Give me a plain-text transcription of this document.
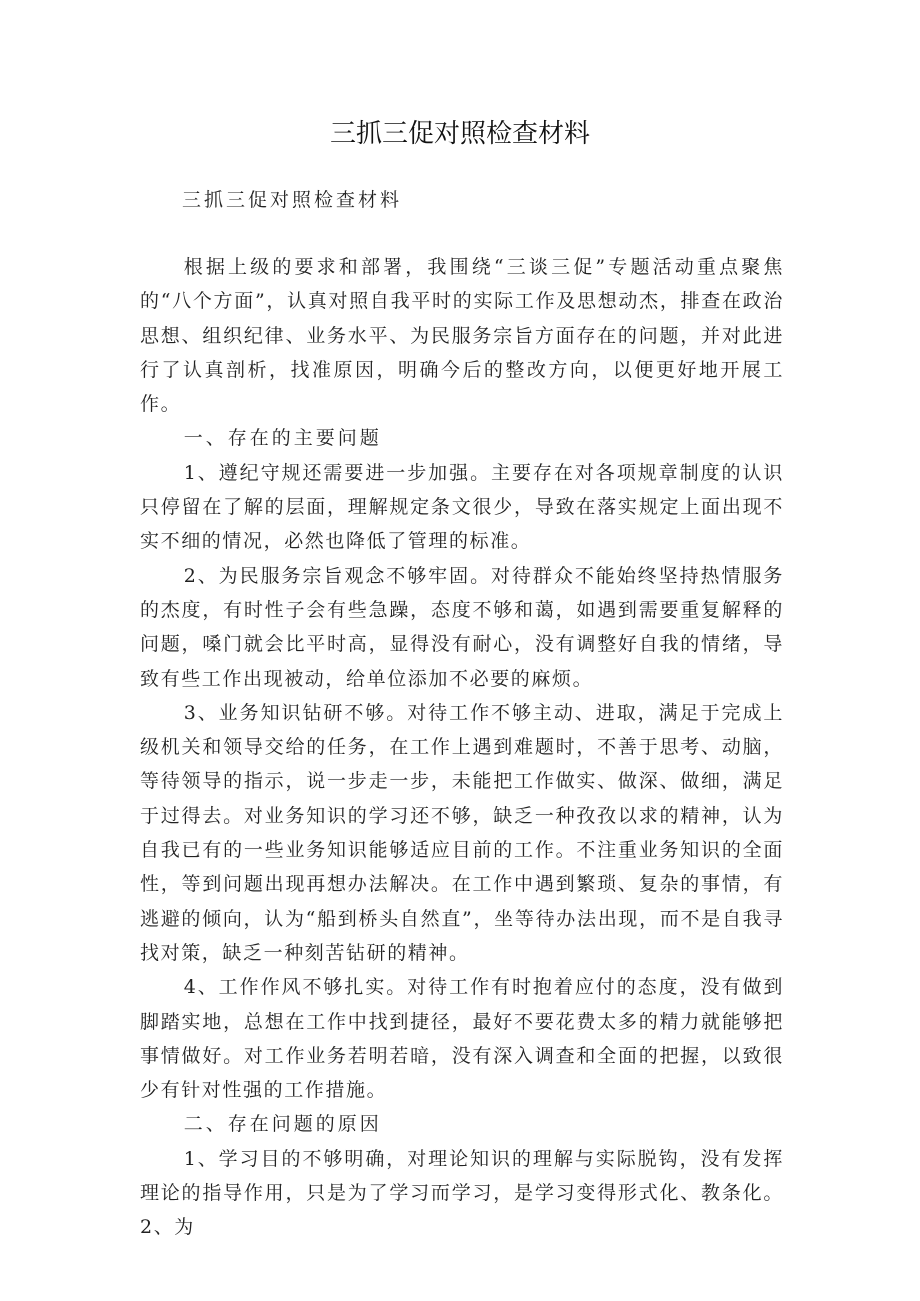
三抓三促对照检查材料
三抓三促对照检查材料

根据上级的要求和部署，我围绕“三谈三促”专题活动重点聚焦的“八个方面”，认真对照自我平时的实际工作及思想动杰，排查在政治思想、组织纪律、业务水平、为民服务宗旨方面存在的问题，并对此进行了认真剖析，找准原因，明确今后的整改方向，以便更好地开展工作。

一、存在的主要问题

1、遵纪守规还需要进一步加强。主要存在对各项规章制度的认识只停留在了解的层面，理解规定条文很少，导致在落实规定上面出现不实不细的情况，必然也降低了管理的标准。

2、为民服务宗旨观念不够牢固。对待群众不能始终坚持热情服务的杰度，有时性子会有些急躁，态度不够和蔼，如遇到需要重复解释的问题，嗓门就会比平时高，显得没有耐心，没有调整好自我的情绪，导致有些工作出现被动，给单位添加不必要的麻烦。

3、业务知识钻研不够。对待工作不够主动、进取，满足于完成上级机关和领导交给的任务，在工作上遇到难题时，不善于思考、动脑，等待领导的指示，说一步走一步，未能把工作做实、做深、做细，满足于过得去。对业务知识的学习还不够，缺乏一种孜孜以求的精神，认为自我已有的一些业务知识能够适应目前的工作。不注重业务知识的全面性，等到问题出现再想办法解决。在工作中遇到繁琐、复杂的事情，有逃避的倾向，认为“船到桥头自然直”，坐等待办法出现，而不是自我寻找对策，缺乏一种刻苦钻研的精神。

4、工作作风不够扎实。对待工作有时抱着应付的态度，没有做到脚踏实地，总想在工作中找到捷径，最好不要花费太多的精力就能够把事情做好。对工作业务若明若暗，没有深入调查和全面的把握，以致很少有针对性强的工作措施。

二、存在问题的原因

1、学习目的不够明确，对理论知识的理解与实际脱钩，没有发挥理论的指导作用，只是为了学习而学习，是学习变得形式化、教条化。2、为
